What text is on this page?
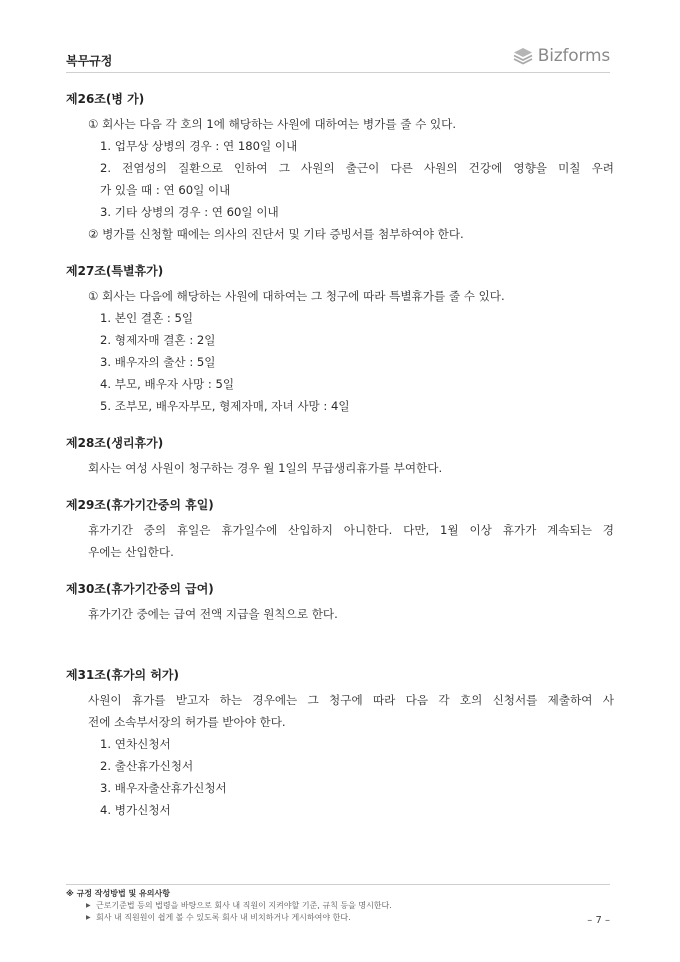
복무규정	Bizforms
제26조(병 가)
① 회사는 다음 각 호의 1에 해당하는 사원에 대하여는 병가를 줄 수 있다.
1. 업무상 상병의 경우 : 연 180일 이내
2. 전염성의 질환으로 인하여 그 사원의 출근이 다른 사원의 건강에 영향을 미칠 우려
가 있을 때 : 연 60일 이내
3. 기타 상병의 경우 : 연 60일 이내
② 병가를 신청할 때에는 의사의 진단서 및 기타 증빙서를 첨부하여야 한다.
제27조(특별휴가)
① 회사는 다음에 해당하는 사원에 대하여는 그 청구에 따라 특별휴가를 줄 수 있다.
1. 본인 결혼 : 5일
2. 형제자매 결혼 : 2일
3. 배우자의 출산 : 5일
4. 부모, 배우자 사망 : 5일
5. 조부모, 배우자부모, 형제자매, 자녀 사망 : 4일
제28조(생리휴가)
회사는 여성 사원이 청구하는 경우 월 1일의 무급생리휴가를 부여한다.
제29조(휴가기간중의 휴일)
휴가기간 중의 휴일은 휴가일수에 산입하지 아니한다. 다만, 1월 이상 휴가가 계속되는 경
우에는 산입한다.
제30조(휴가기간중의 급여)
휴가기간 중에는 급여 전액 지급을 원칙으로 한다.
제31조(휴가의 허가)
사원이 휴가를 받고자 하는 경우에는 그 청구에 따라 다음 각 호의 신청서를 제출하여 사
전에 소속부서장의 허가를 받아야 한다.
1. 연차신청서
2. 출산휴가신청서
3. 배우자출산휴가신청서
4. 병가신청서
※ 규정 작성방법 및 유의사항
▶ 근로기준법 등의 법령을 바탕으로 회사 내 직원이 지켜야할 기준, 규칙 등을 명시한다.
▶ 회사 내 직원원이 쉽게 볼 수 있도록 회사 내 비치하거나 게시하여야 한다.	– 7 –
